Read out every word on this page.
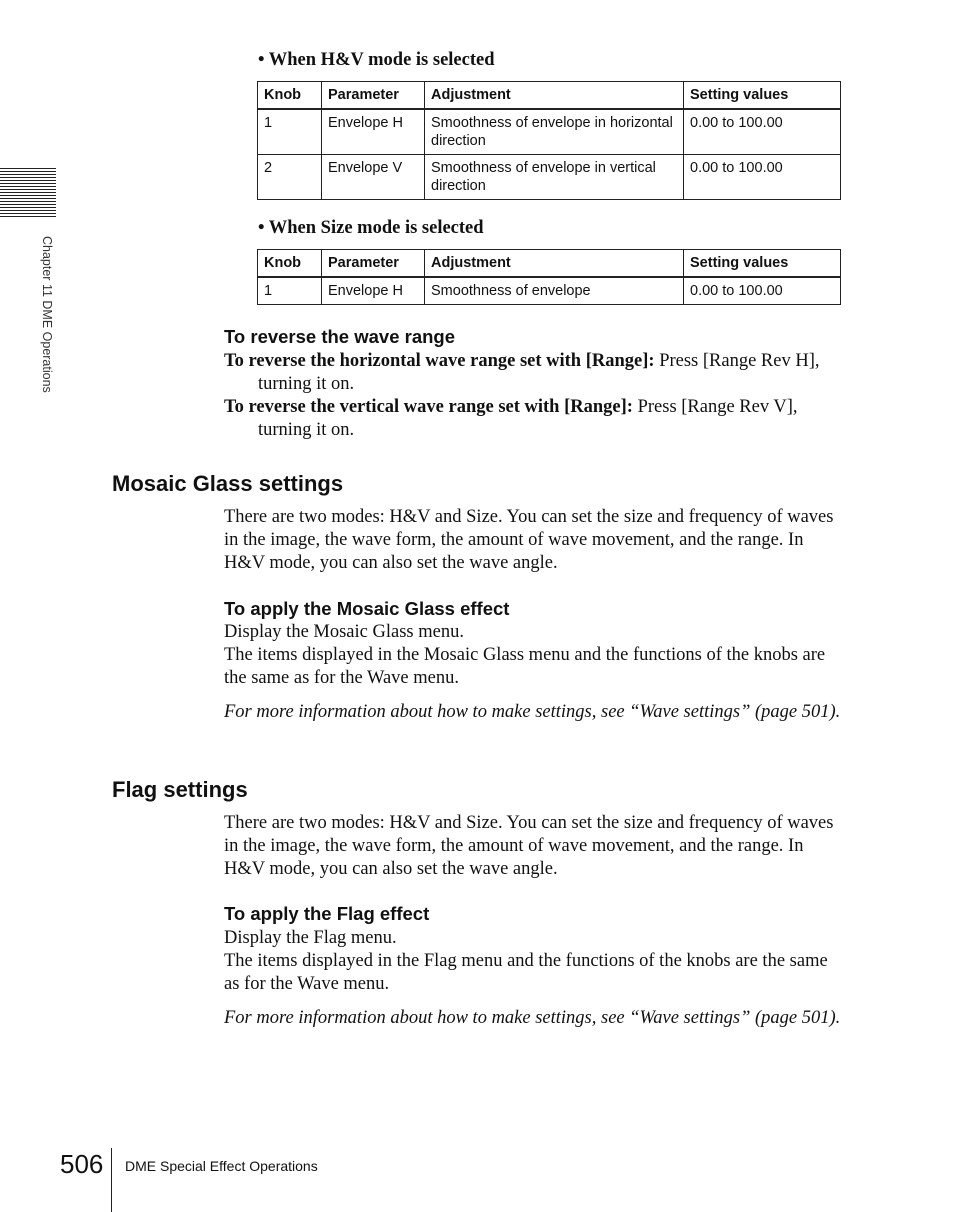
Chapter 11 DME Operations
• When H&V mode is selected
Knob	Parameter	Adjustment	Setting values
1	Envelope H	Smoothness of envelope in horizontal direction	0.00 to 100.00
2	Envelope V	Smoothness of envelope in vertical direction	0.00 to 100.00
• When Size mode is selected
Knob	Parameter	Adjustment	Setting values
1	Envelope H	Smoothness of envelope	0.00 to 100.00
To reverse the wave range
To reverse the horizontal wave range set with [Range]: Press [Range Rev H], turning it on.
To reverse the vertical wave range set with [Range]: Press [Range Rev V], turning it on.
Mosaic Glass settings
There are two modes: H&V and Size. You can set the size and frequency of waves in the image, the wave form, the amount of wave movement, and the range. In H&V mode, you can also set the wave angle.
To apply the Mosaic Glass effect
Display the Mosaic Glass menu.
The items displayed in the Mosaic Glass menu and the functions of the knobs are the same as for the Wave menu.
For more information about how to make settings, see “Wave settings” (page 501).
Flag settings
There are two modes: H&V and Size. You can set the size and frequency of waves in the image, the wave form, the amount of wave movement, and the range. In H&V mode, you can also set the wave angle.
To apply the Flag effect
Display the Flag menu.
The items displayed in the Flag menu and the functions of the knobs are the same as for the Wave menu.
For more information about how to make settings, see “Wave settings” (page 501).
506 DME Special Effect Operations
